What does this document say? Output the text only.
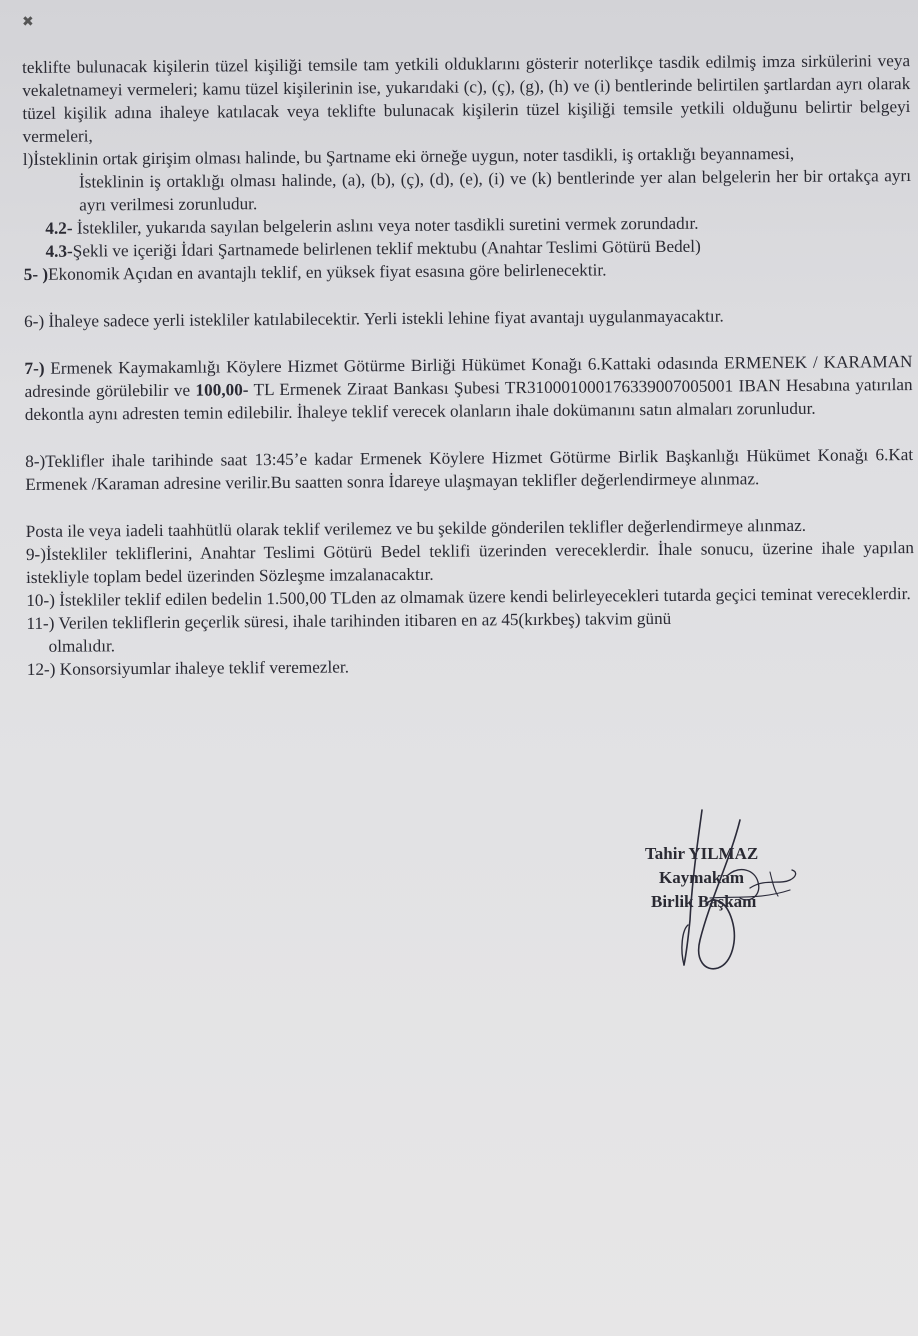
✖

teklifte bulunacak kişilerin tüzel kişiliği temsile tam yetkili olduklarını gösterir noterlikçe tasdik edilmiş imza sirkülerini veya vekaletnameyi vermeleri; kamu tüzel kişilerinin ise, yukarıdaki (c), (ç), (g), (h) ve (i) bentlerinde belirtilen şartlardan ayrı olarak tüzel kişilik adına ihaleye katılacak veya teklifte bulunacak kişilerin tüzel kişiliği temsile yetkili olduğunu belirtir belgeyi vermeleri,

l)İsteklinin ortak girişim olması halinde, bu Şartname eki örneğe uygun, noter tasdikli, iş ortaklığı beyannamesi,

İsteklinin iş ortaklığı olması halinde, (a), (b), (ç), (d), (e), (i) ve (k) bentlerinde yer alan belgelerin her bir ortakça ayrı ayrı verilmesi zorunludur.

4.2- İstekliler, yukarıda sayılan belgelerin aslını veya noter tasdikli suretini vermek zorundadır.

4.3-Şekli ve içeriği İdari Şartnamede belirlenen teklif mektubu (Anahtar Teslimi Götürü Bedel)

5- )Ekonomik Açıdan en avantajlı teklif, en yüksek fiyat esasına göre belirlenecektir.

6-) İhaleye sadece yerli istekliler katılabilecektir. Yerli istekli lehine fiyat avantajı uygulanmayacaktır.

7-) Ermenek Kaymakamlığı Köylere Hizmet Götürme Birliği Hükümet Konağı 6.Kattaki odasında ERMENEK / KARAMAN adresinde görülebilir ve 100,00- TL Ermenek Ziraat Bankası Şubesi TR310001000176339007005001 IBAN Hesabına yatırılan dekontla aynı adresten temin edilebilir. İhaleye teklif verecek olanların ihale dokümanını satın almaları zorunludur.

8-)Teklifler ihale tarihinde saat 13:45’e kadar Ermenek Köylere Hizmet Götürme Birlik Başkanlığı Hükümet Konağı 6.Kat Ermenek /Karaman adresine verilir.Bu saatten sonra İdareye ulaşmayan teklifler değerlendirmeye alınmaz.

Posta ile veya iadeli taahhütlü olarak teklif verilemez ve bu şekilde gönderilen teklifler değerlendirmeye alınmaz.

9-)İstekliler tekliflerini, Anahtar Teslimi Götürü Bedel teklifi üzerinden vereceklerdir. İhale sonucu, üzerine ihale yapılan istekliyle toplam bedel üzerinden Sözleşme imzalanacaktır.

10-) İstekliler teklif edilen bedelin 1.500,00 TLden az olmamak üzere kendi belirleyecekleri tutarda geçici teminat vereceklerdir.

11-) Verilen tekliflerin geçerlik süresi, ihale tarihinden itibaren en az 45(kırkbeş) takvim günü

olmalıdır.

12-) Konsorsiyumlar ihaleye teklif veremezler.

Tahir YILMAZ
Kaymakam
Birlik Başkanı
